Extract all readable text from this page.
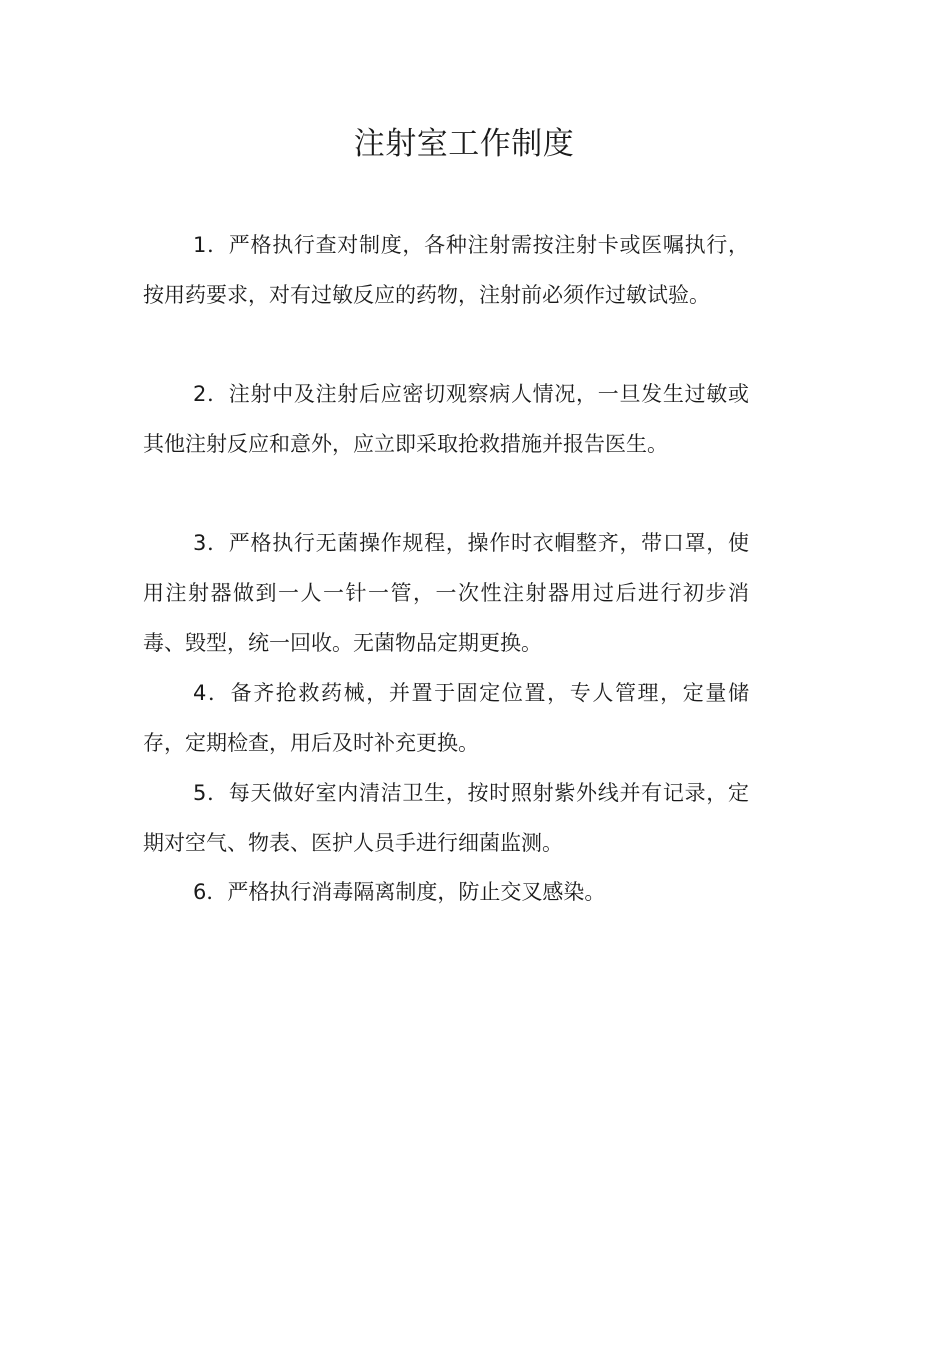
注射室工作制度

1．严格执行查对制度，各种注射需按注射卡或医嘱执行，按用药要求，对有过敏反应的药物，注射前必须作过敏试验。

2．注射中及注射后应密切观察病人情况，一旦发生过敏或其他注射反应和意外，应立即采取抢救措施并报告医生。

3．严格执行无菌操作规程，操作时衣帽整齐，带口罩，使用注射器做到一人一针一管，一次性注射器用过后进行初步消毒、毁型，统一回收。无菌物品定期更换。

4．备齐抢救药械，并置于固定位置，专人管理，定量储存，定期检查，用后及时补充更换。

5．每天做好室内清洁卫生，按时照射紫外线并有记录，定期对空气、物表、医护人员手进行细菌监测。

6．严格执行消毒隔离制度，防止交叉感染。
